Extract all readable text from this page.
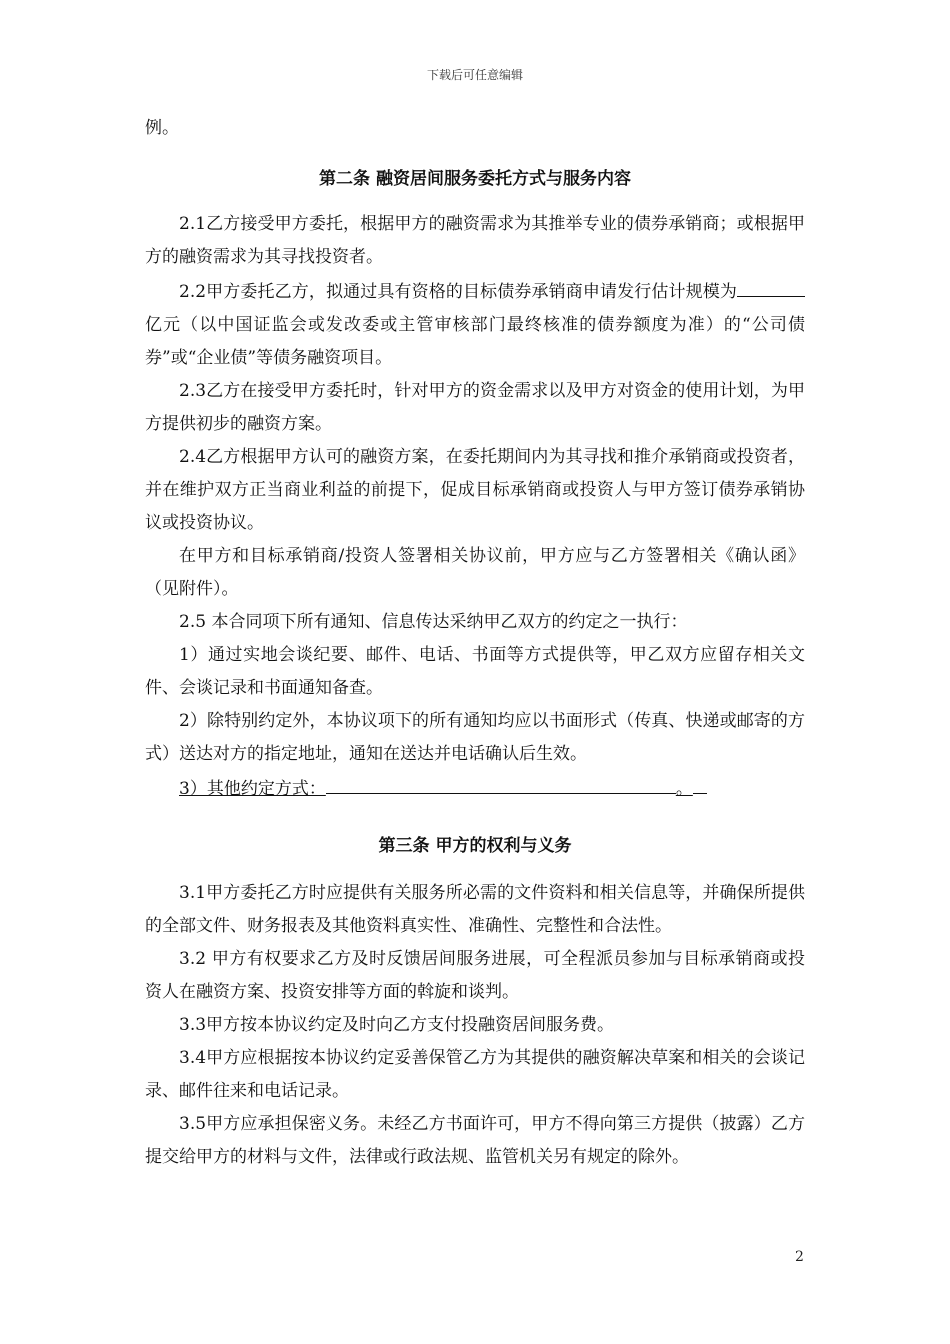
下载后可任意编辑

例。

第二条 融资居间服务委托方式与服务内容

2.1乙方接受甲方委托，根据甲方的融资需求为其推举专业的债券承销商；或根据甲方的融资需求为其寻找投资者。

2.2甲方委托乙方，拟通过具有资格的目标债券承销商申请发行估计规模为亿元（以中国证监会或发改委或主管审核部门最终核准的债券额度为准）的“公司债券”或“企业债”等债务融资项目。

2.3乙方在接受甲方委托时，针对甲方的资金需求以及甲方对资金的使用计划，为甲方提供初步的融资方案。

2.4乙方根据甲方认可的融资方案，在委托期间内为其寻找和推介承销商或投资者，并在维护双方正当商业利益的前提下，促成目标承销商或投资人与甲方签订债券承销协议或投资协议。

在甲方和目标承销商/投资人签署相关协议前，甲方应与乙方签署相关《确认函》（见附件）。

2.5 本合同项下所有通知、信息传达采纳甲乙双方的约定之一执行：

1）通过实地会谈纪要、邮件、电话、书面等方式提供等，甲乙双方应留存相关文件、会谈记录和书面通知备查。

2）除特别约定外，本协议项下的所有通知均应以书面形式（传真、快递或邮寄的方式）送达对方的指定地址，通知在送达并电话确认后生效。

3）其他约定方式：	。

第三条 甲方的权利与义务

3.1甲方委托乙方时应提供有关服务所必需的文件资料和相关信息等，并确保所提供的全部文件、财务报表及其他资料真实性、准确性、完整性和合法性。

3.2 甲方有权要求乙方及时反馈居间服务进展，可全程派员参加与目标承销商或投资人在融资方案、投资安排等方面的斡旋和谈判。

3.3甲方按本协议约定及时向乙方支付投融资居间服务费。

3.4甲方应根据按本协议约定妥善保管乙方为其提供的融资解决草案和相关的会谈记录、邮件往来和电话记录。

3.5甲方应承担保密义务。未经乙方书面许可，甲方不得向第三方提供（披露）乙方提交给甲方的材料与文件，法律或行政法规、监管机关另有规定的除外。

2
